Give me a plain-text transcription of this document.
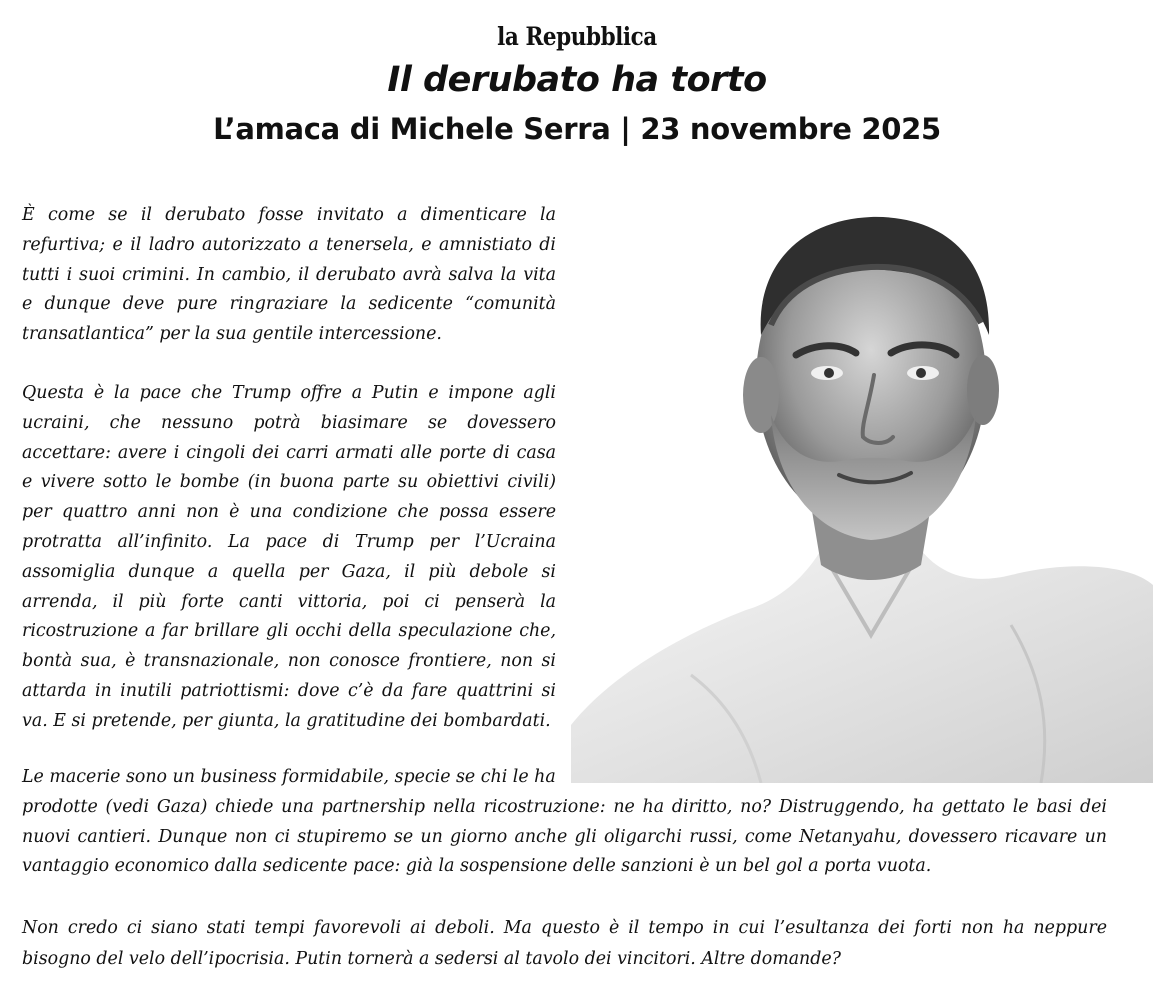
la Repubblica
Il derubato ha torto
L’amaca di Michele Serra | 23 novembre 2025

È come se il derubato fosse invitato a dimenticare la refurtiva; e il ladro autorizzato a tenersela, e amnistiato di tutti i suoi crimini. In cambio, il derubato avrà salva la vita e dunque deve pure ringraziare la sedicente “comunità transatlantica” per la sua gentile intercessione.

Questa è la pace che Trump offre a Putin e impone agli ucraini, che nessuno potrà biasimare se dovessero accettare: avere i cingoli dei carri armati alle porte di casa e vivere sotto le bombe (in buona parte su obiettivi civili) per quattro anni non è una condizione che possa essere protratta all’infinito. La pace di Trump per l’Ucraina assomiglia dunque a quella per Gaza, il più debole si arrenda, il più forte canti vittoria, poi ci penserà la ricostruzione a far brillare gli occhi della speculazione che, bontà sua, è transnazionale, non conosce frontiere, non si attarda in inutili patriottismi: dove c’è da fare quattrini si va. E si pretende, per giunta, la gratitudine dei bombardati.

Le macerie sono un business formidabile, specie se chi le ha
prodotte (vedi Gaza) chiede una partnership nella ricostruzione: ne ha diritto, no? Distruggendo, ha gettato le basi dei nuovi cantieri. Dunque non ci stupiremo se un giorno anche gli oligarchi russi, come Netanyahu, dovessero ricavare un vantaggio economico dalla sedicente pace: già la sospensione delle sanzioni è un bel gol a porta vuota.

Non credo ci siano stati tempi favorevoli ai deboli. Ma questo è il tempo in cui l’esultanza dei forti non ha neppure bisogno del velo dell’ipocrisia. Putin tornerà a sedersi al tavolo dei vincitori. Altre domande?
